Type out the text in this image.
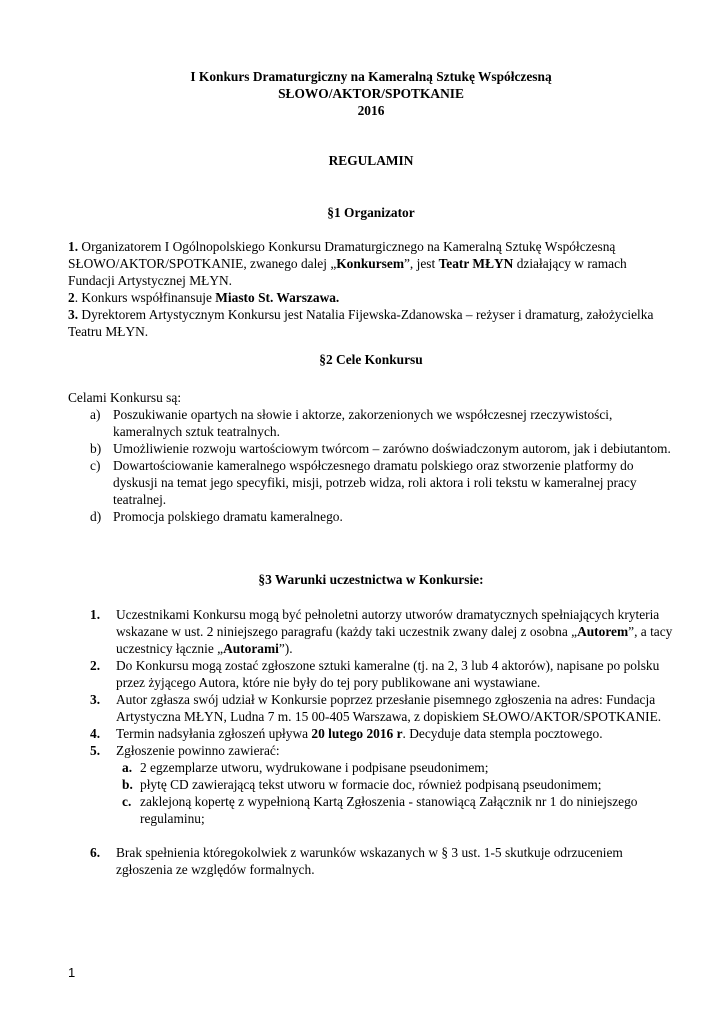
I Konkurs Dramaturgiczny na Kameralną Sztukę Współczesną
SŁOWO/AKTOR/SPOTKANIE
2016
REGULAMIN
§1 Organizator

1. Organizatorem I Ogólnopolskiego Konkursu Dramaturgicznego na Kameralną Sztukę Współczesną SŁOWO/AKTOR/SPOTKANIE, zwanego dalej „Konkursem”, jest Teatr MŁYN działający w ramach Fundacji Artystycznej MŁYN.

2. Konkurs współfinansuje Miasto St. Warszawa.

3. Dyrektorem Artystycznym Konkursu jest Natalia Fijewska-Zdanowska – reżyser i dramaturg, założycielka Teatru MŁYN.

§2 Cele Konkursu

Celami Konkursu są:

a) Poszukiwanie opartych na słowie i aktorze, zakorzenionych we współczesnej rzeczywistości, kameralnych sztuk teatralnych.
b) Umożliwienie rozwoju wartościowym twórcom – zarówno doświadczonym autorom, jak i debiutantom.
c) Dowartościowanie kameralnego współczesnego dramatu polskiego oraz stworzenie platformy do dyskusji na temat jego specyfiki, misji, potrzeb widza, roli aktora i roli tekstu w kameralnej pracy teatralnej.
d) Promocja polskiego dramatu kameralnego.
§3 Warunki uczestnictwa w Konkursie:
1. Uczestnikami Konkursu mogą być pełnoletni autorzy utworów dramatycznych spełniających kryteria wskazane w ust. 2 niniejszego paragrafu (każdy taki uczestnik zwany dalej z osobna „Autorem”, a tacy uczestnicy łącznie „Autorami”).
2. Do Konkursu mogą zostać zgłoszone sztuki kameralne (tj. na 2, 3 lub 4 aktorów), napisane po polsku przez żyjącego Autora, które nie były do tej pory publikowane ani wystawiane.
3. Autor zgłasza swój udział w Konkursie poprzez przesłanie pisemnego zgłoszenia na adres: Fundacja Artystyczna MŁYN, Ludna 7 m. 15 00-405 Warszawa, z dopiskiem SŁOWO/AKTOR/SPOTKANIE.
4. Termin nadsyłania zgłoszeń upływa 20 lutego 2016 r. Decyduje data stempla pocztowego.
5. Zgłoszenie powinno zawierać:
a. 2 egzemplarze utworu, wydrukowane i podpisane pseudonimem;
b. płytę CD zawierającą tekst utworu w formacie doc, również podpisaną pseudonimem;
c. zaklejoną kopertę z wypełnioną Kartą Zgłoszenia - stanowiącą Załącznik nr 1 do niniejszego regulaminu;
6. Brak spełnienia któregokolwiek z warunków wskazanych w § 3 ust. 1-5 skutkuje odrzuceniem zgłoszenia ze względów formalnych.
1
